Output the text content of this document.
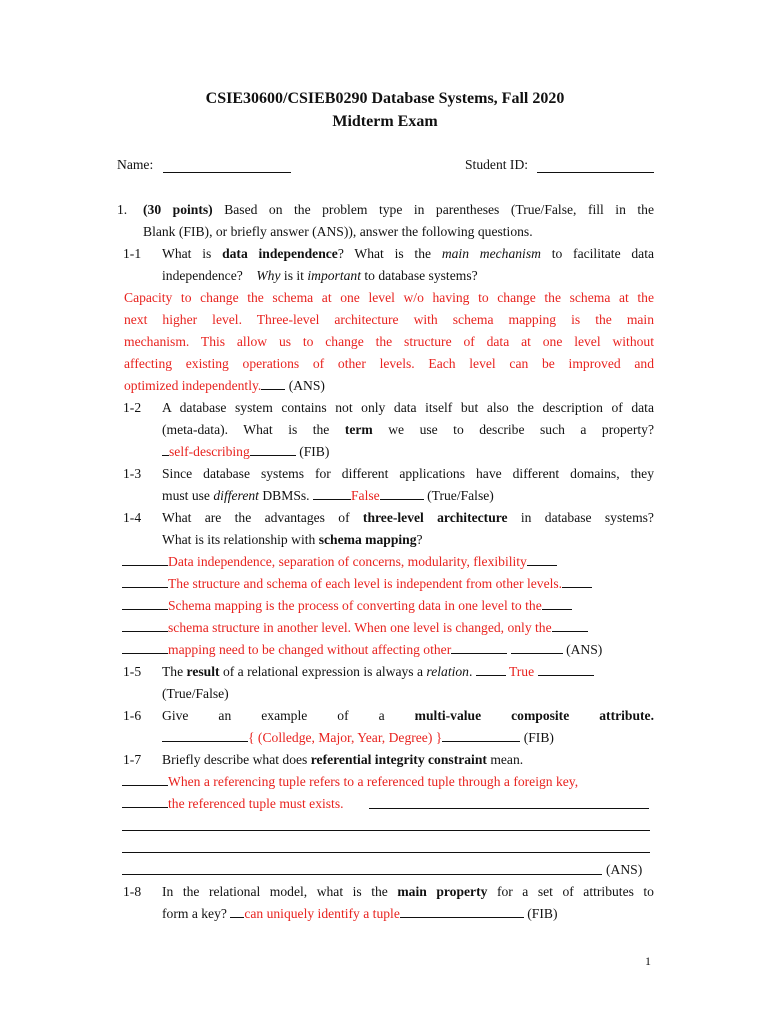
CSIE30600/CSIEB0290 Database Systems, Fall 2020
Midterm Exam
Name:	Student ID:
1. (30 points) Based on the problem type in parentheses (True/False, fill in the
Blank (FIB), or briefly answer (ANS)), answer the following questions.
1-1 What is data independence? What is the main mechanism to facilitate data
independence? Why is it important to database systems?
Capacity to change the schema at one level w/o having to change the schema at the
next higher level. Three-level architecture with schema mapping is the main
mechanism. This allow us to change the structure of data at one level without
affecting existing operations of other levels. Each level can be improved and
optimized independently. (ANS)
1-2 A database system contains not only data itself but also the description of data
(meta-data). What is the term we use to describe such a property?
self-describing	(FIB)
1-3 Since database systems for different applications have different domains, they
must use different DBMSs.	False	(True/False)
1-4 What are the advantages of three-level architecture in database systems?
What is its relationship with schema mapping?
Data independence, separation of concerns, modularity, flexibility
The structure and schema of each level is independent from other levels.
Schema mapping is the process of converting data in one level to the
schema structure in another level. When one level is changed, only the
mapping need to be changed without affecting other	(ANS)
1-5 The result of a relational expression is always a relation.	True
(True/False)
1-6 Give an example of a multi-value composite attribute.
{ (Colledge, Major, Year, Degree) }	(FIB)
1-7 Briefly describe what does referential integrity constraint mean.
When a referencing tuple refers to a referenced tuple through a foreign key,
the referenced tuple must exists.
(ANS)
1-8 In the relational model, what is the main property for a set of attributes to
form a key? can uniquely identify a tuple	(FIB)
1
